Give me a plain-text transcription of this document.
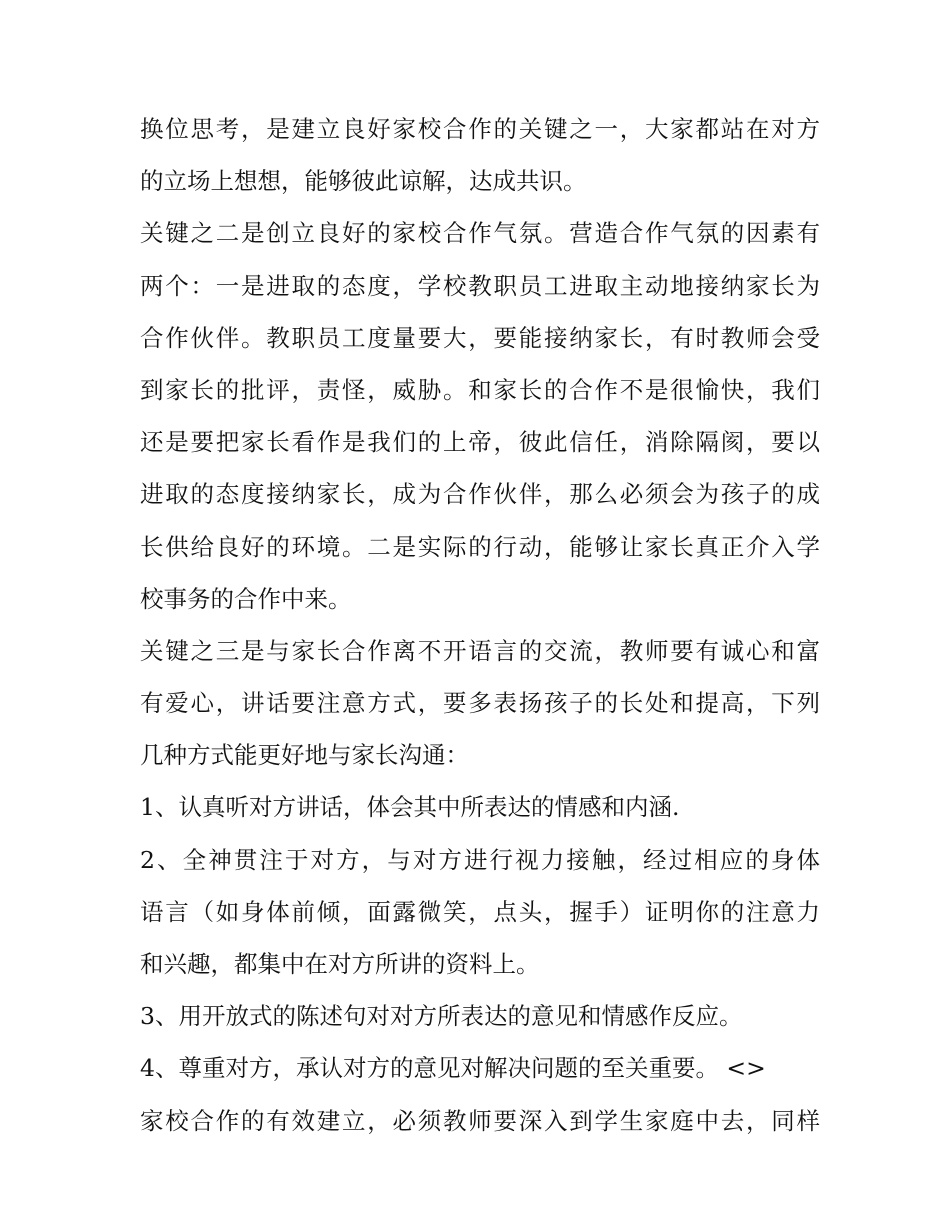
换位思考，是建立良好家校合作的关键之一，大家都站在对方
的立场上想想，能够彼此谅解，达成共识。
关键之二是创立良好的家校合作气氛。营造合作气氛的因素有
两个：一是进取的态度，学校教职员工进取主动地接纳家长为
合作伙伴。教职员工度量要大，要能接纳家长，有时教师会受
到家长的批评，责怪，威胁。和家长的合作不是很愉快，我们
还是要把家长看作是我们的上帝，彼此信任，消除隔阂，要以
进取的态度接纳家长，成为合作伙伴，那么必须会为孩子的成
长供给良好的环境。二是实际的行动，能够让家长真正介入学
校事务的合作中来。
关键之三是与家长合作离不开语言的交流，教师要有诚心和富
有爱心，讲话要注意方式，要多表扬孩子的长处和提高，下列
几种方式能更好地与家长沟通：
1、认真听对方讲话，体会其中所表达的情感和内涵.
2、全神贯注于对方，与对方进行视力接触，经过相应的身体
语言（如身体前倾，面露微笑，点头，握手）证明你的注意力
和兴趣，都集中在对方所讲的资料上。
3、用开放式的陈述句对对方所表达的意见和情感作反应。
4、尊重对方，承认对方的意见对解决问题的至关重要。 <>
家校合作的有效建立，必须教师要深入到学生家庭中去，同样
